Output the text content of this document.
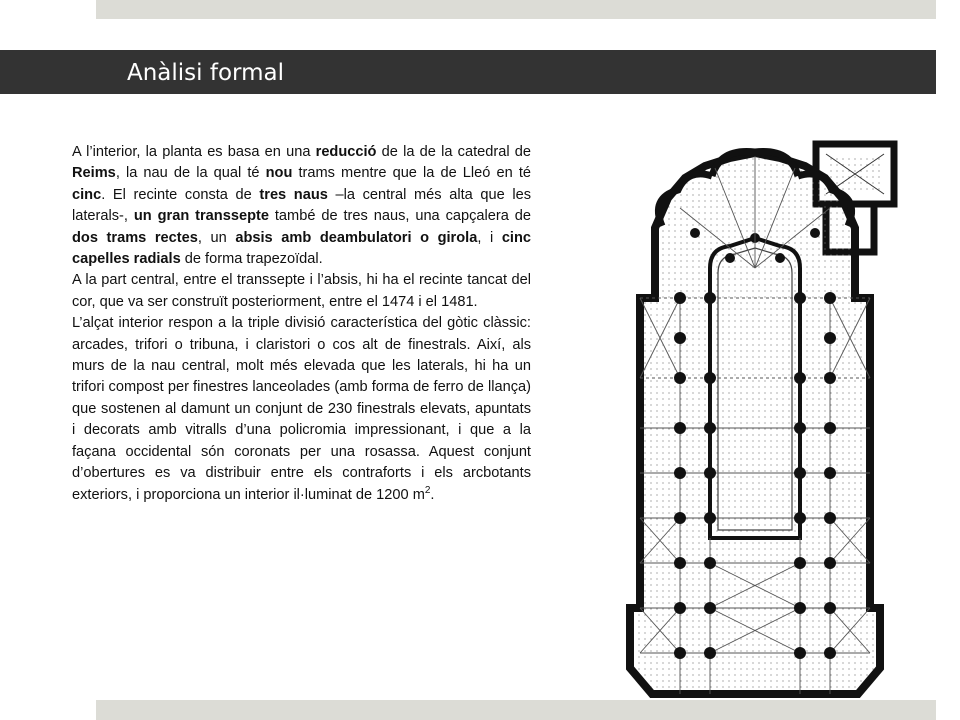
Anàlisi formal

A l’interior, la planta es basa en una reducció de la de la catedral de Reims, la nau de la qual té nou trams mentre que la de Lleó en té cinc. El recinte consta de tres naus –la central més alta que les laterals-, un gran transsepte també de tres naus, una capçalera de dos trams rectes, un absis amb deambulatori o girola, i cinc capelles radials de forma trapezoïdal.

A la part central, entre el transsepte i l’absis, hi ha el recinte tancat del cor, que va ser construït posteriorment, entre el 1474 i el 1481.

L’alçat interior respon a la triple divisió característica del gòtic clàssic: arcades, trifori o tribuna, i claristori o cos alt de finestrals. Així, als murs de la nau central, molt més elevada que les laterals, hi ha un trifori compost per finestres lanceolades (amb forma de ferro de llança) que sostenen al damunt un conjunt de 230 finestrals elevats, apuntats i decorats amb vitralls d’una policromia impressionant, i que a la façana occidental són coronats per una rosassa. Aquest conjunt d’obertures es va distribuir entre els contraforts i els arcbotants exteriors, i proporciona un interior il·luminat de 1200 $m^2$.
